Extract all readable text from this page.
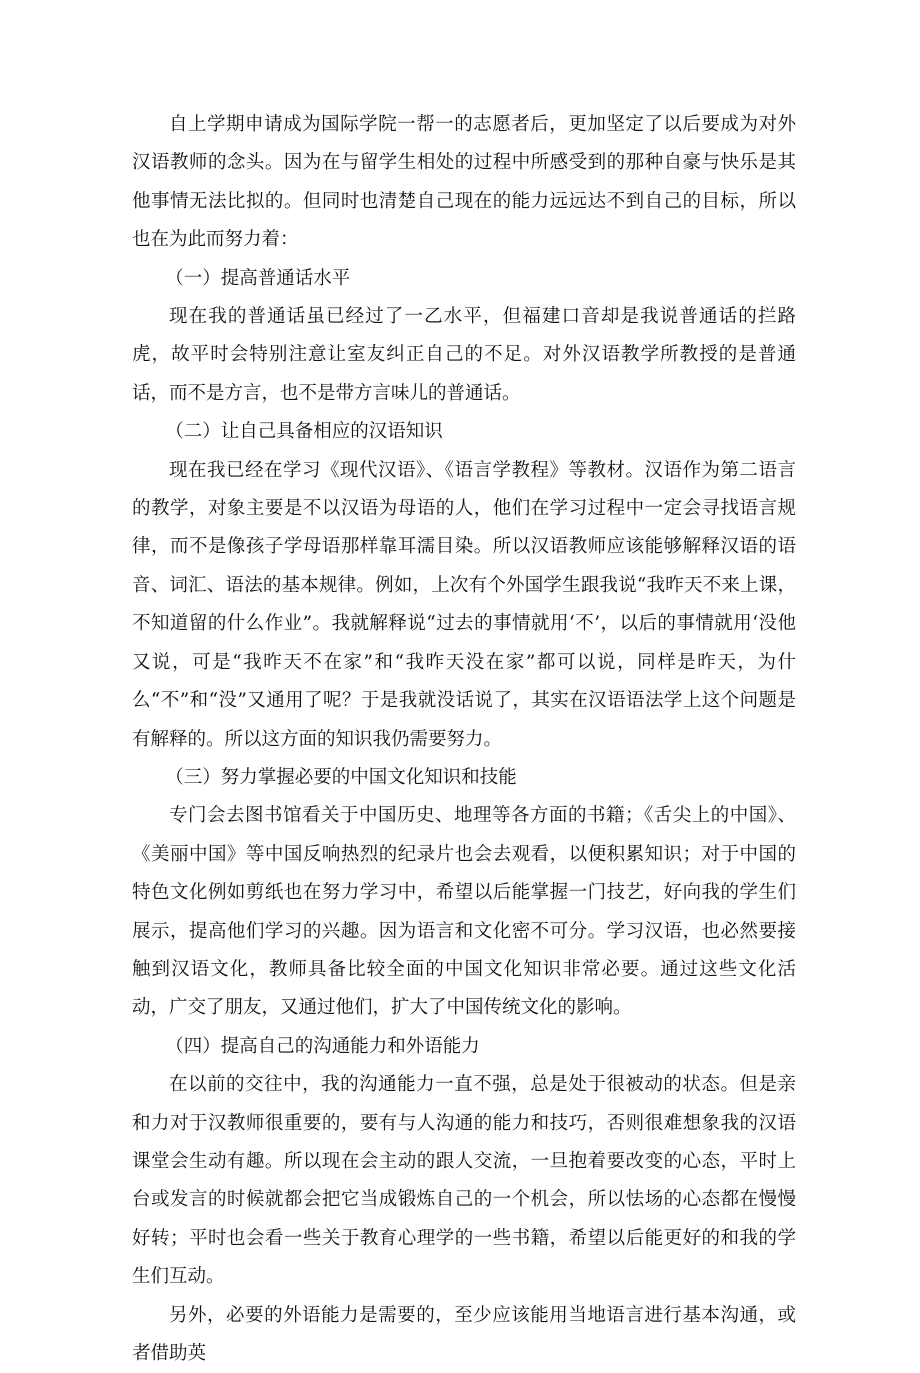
自上学期申请成为国际学院一帮一的志愿者后，更加坚定了以后要成为对外汉语教师的念头。因为在与留学生相处的过程中所感受到的那种自豪与快乐是其他事情无法比拟的。但同时也清楚自己现在的能力远远达不到自己的目标，所以也在为此而努力着：

（一）提高普通话水平

现在我的普通话虽已经过了一乙水平，但福建口音却是我说普通话的拦路虎，故平时会特别注意让室友纠正自己的不足。对外汉语教学所教授的是普通话，而不是方言，也不是带方言味儿的普通话。

（二）让自己具备相应的汉语知识

现在我已经在学习《现代汉语》、《语言学教程》等教材。汉语作为第二语言的教学，对象主要是不以汉语为母语的人，他们在学习过程中一定会寻找语言规律，而不是像孩子学母语那样靠耳濡目染。所以汉语教师应该能够解释汉语的语音、词汇、语法的基本规律。例如，上次有个外国学生跟我说“我昨天不来上课，不知道留的什么作业”。我就解释说“过去的事情就用‘不’，以后的事情就用‘没他又说，可是“我昨天不在家”和“我昨天没在家”都可以说，同样是昨天，为什么“不”和“没”又通用了呢？于是我就没话说了，其实在汉语语法学上这个问题是有解释的。所以这方面的知识我仍需要努力。

（三）努力掌握必要的中国文化知识和技能

专门会去图书馆看关于中国历史、地理等各方面的书籍；《舌尖上的中国》、《美丽中国》等中国反响热烈的纪录片也会去观看，以便积累知识；对于中国的特色文化例如剪纸也在努力学习中，希望以后能掌握一门技艺，好向我的学生们展示，提高他们学习的兴趣。因为语言和文化密不可分。学习汉语，也必然要接触到汉语文化，教师具备比较全面的中国文化知识非常必要。通过这些文化活动，广交了朋友，又通过他们，扩大了中国传统文化的影响。

（四）提高自己的沟通能力和外语能力

在以前的交往中，我的沟通能力一直不强，总是处于很被动的状态。但是亲和力对于汉教师很重要的，要有与人沟通的能力和技巧，否则很难想象我的汉语课堂会生动有趣。所以现在会主动的跟人交流，一旦抱着要改变的心态，平时上台或发言的时候就都会把它当成锻炼自己的一个机会，所以怯场的心态都在慢慢好转；平时也会看一些关于教育心理学的一些书籍，希望以后能更好的和我的学生们互动。

另外，必要的外语能力是需要的，至少应该能用当地语言进行基本沟通，或者借助英
